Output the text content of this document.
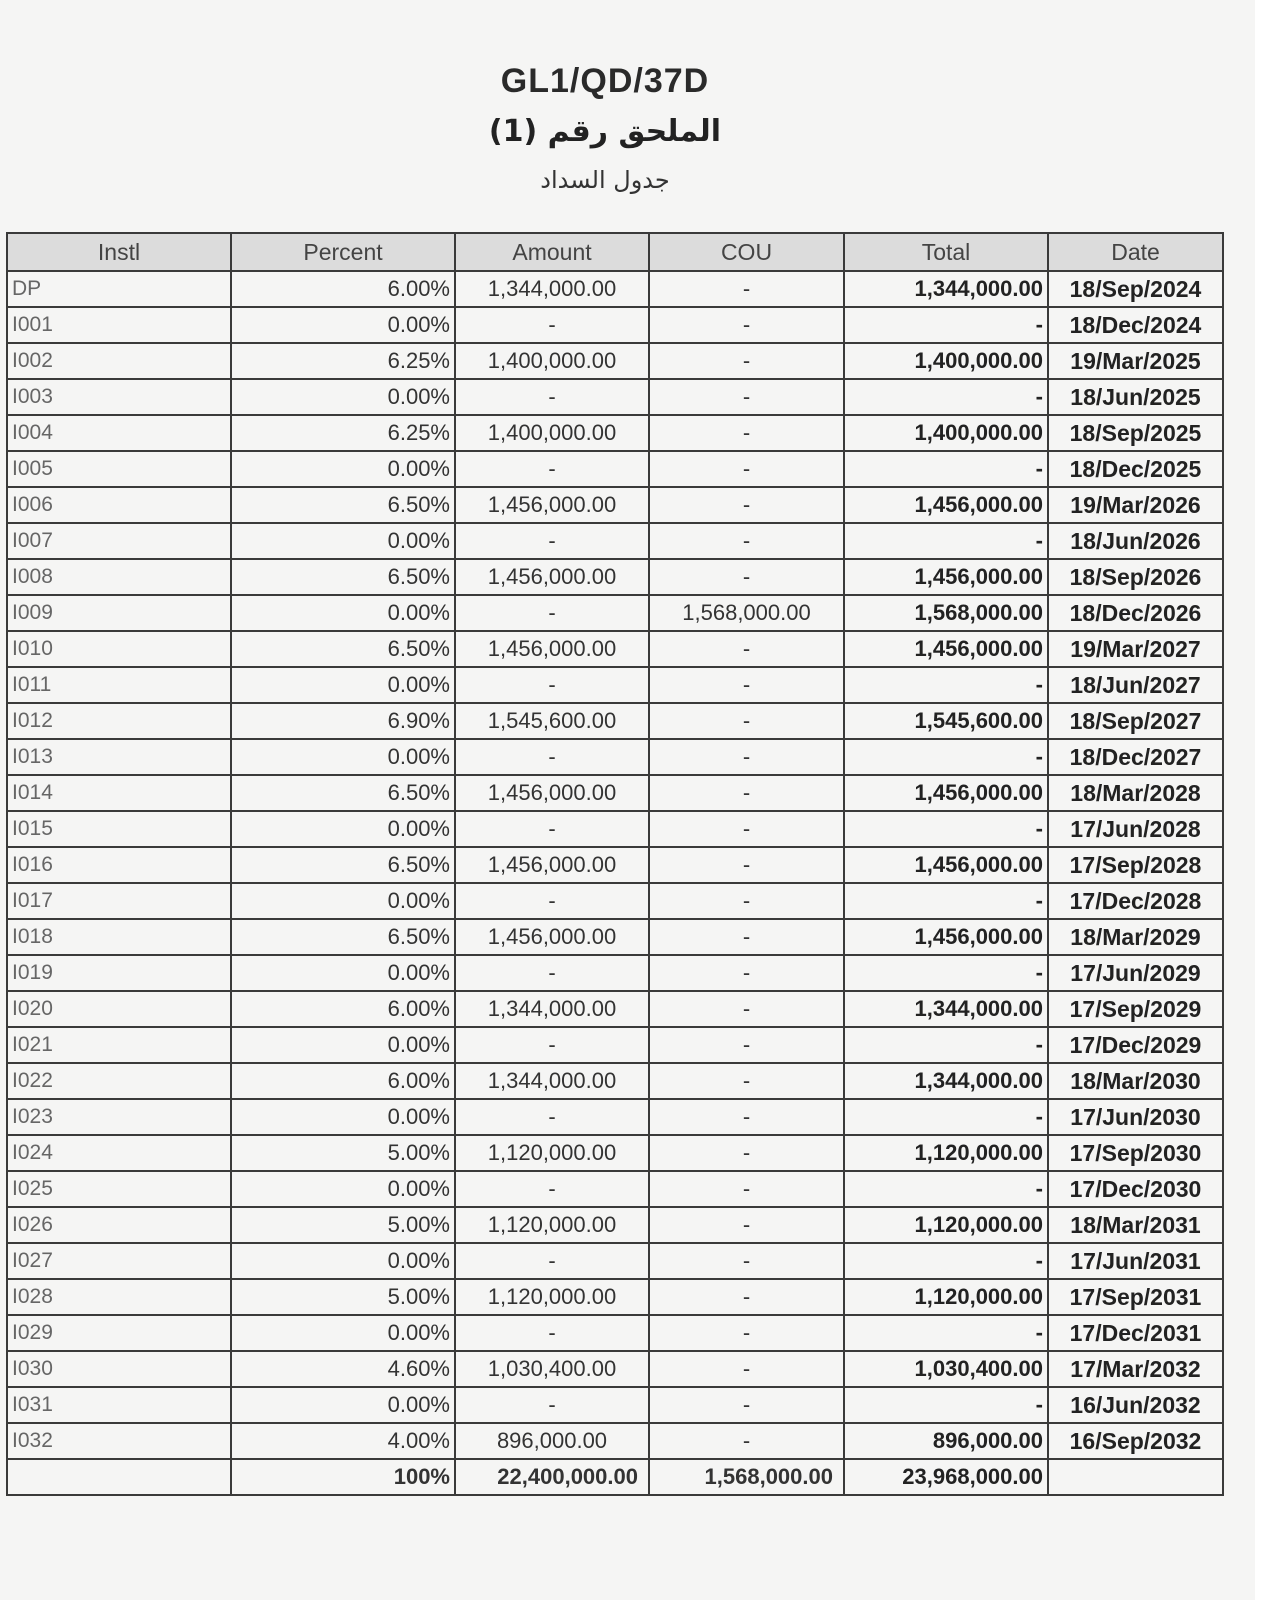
GL1/QD/37D
الملحق رقم (1)
جدول السداد
Instl	Percent	Amount	COU	Total	Date
DP	6.00%	1,344,000.00	-	1,344,000.00	18/Sep/2024
I001	0.00%	-	-	-	18/Dec/2024
I002	6.25%	1,400,000.00	-	1,400,000.00	19/Mar/2025
I003	0.00%	-	-	-	18/Jun/2025
I004	6.25%	1,400,000.00	-	1,400,000.00	18/Sep/2025
I005	0.00%	-	-	-	18/Dec/2025
I006	6.50%	1,456,000.00	-	1,456,000.00	19/Mar/2026
I007	0.00%	-	-	-	18/Jun/2026
I008	6.50%	1,456,000.00	-	1,456,000.00	18/Sep/2026
I009	0.00%	-	1,568,000.00	1,568,000.00	18/Dec/2026
I010	6.50%	1,456,000.00	-	1,456,000.00	19/Mar/2027
I011	0.00%	-	-	-	18/Jun/2027
I012	6.90%	1,545,600.00	-	1,545,600.00	18/Sep/2027
I013	0.00%	-	-	-	18/Dec/2027
I014	6.50%	1,456,000.00	-	1,456,000.00	18/Mar/2028
I015	0.00%	-	-	-	17/Jun/2028
I016	6.50%	1,456,000.00	-	1,456,000.00	17/Sep/2028
I017	0.00%	-	-	-	17/Dec/2028
I018	6.50%	1,456,000.00	-	1,456,000.00	18/Mar/2029
I019	0.00%	-	-	-	17/Jun/2029
I020	6.00%	1,344,000.00	-	1,344,000.00	17/Sep/2029
I021	0.00%	-	-	-	17/Dec/2029
I022	6.00%	1,344,000.00	-	1,344,000.00	18/Mar/2030
I023	0.00%	-	-	-	17/Jun/2030
I024	5.00%	1,120,000.00	-	1,120,000.00	17/Sep/2030
I025	0.00%	-	-	-	17/Dec/2030
I026	5.00%	1,120,000.00	-	1,120,000.00	18/Mar/2031
I027	0.00%	-	-	-	17/Jun/2031
I028	5.00%	1,120,000.00	-	1,120,000.00	17/Sep/2031
I029	0.00%	-	-	-	17/Dec/2031
I030	4.60%	1,030,400.00	-	1,030,400.00	17/Mar/2032
I031	0.00%	-	-	-	16/Jun/2032
I032	4.00%	896,000.00	-	896,000.00	16/Sep/2032
	100%	22,400,000.00	1,568,000.00	23,968,000.00	
